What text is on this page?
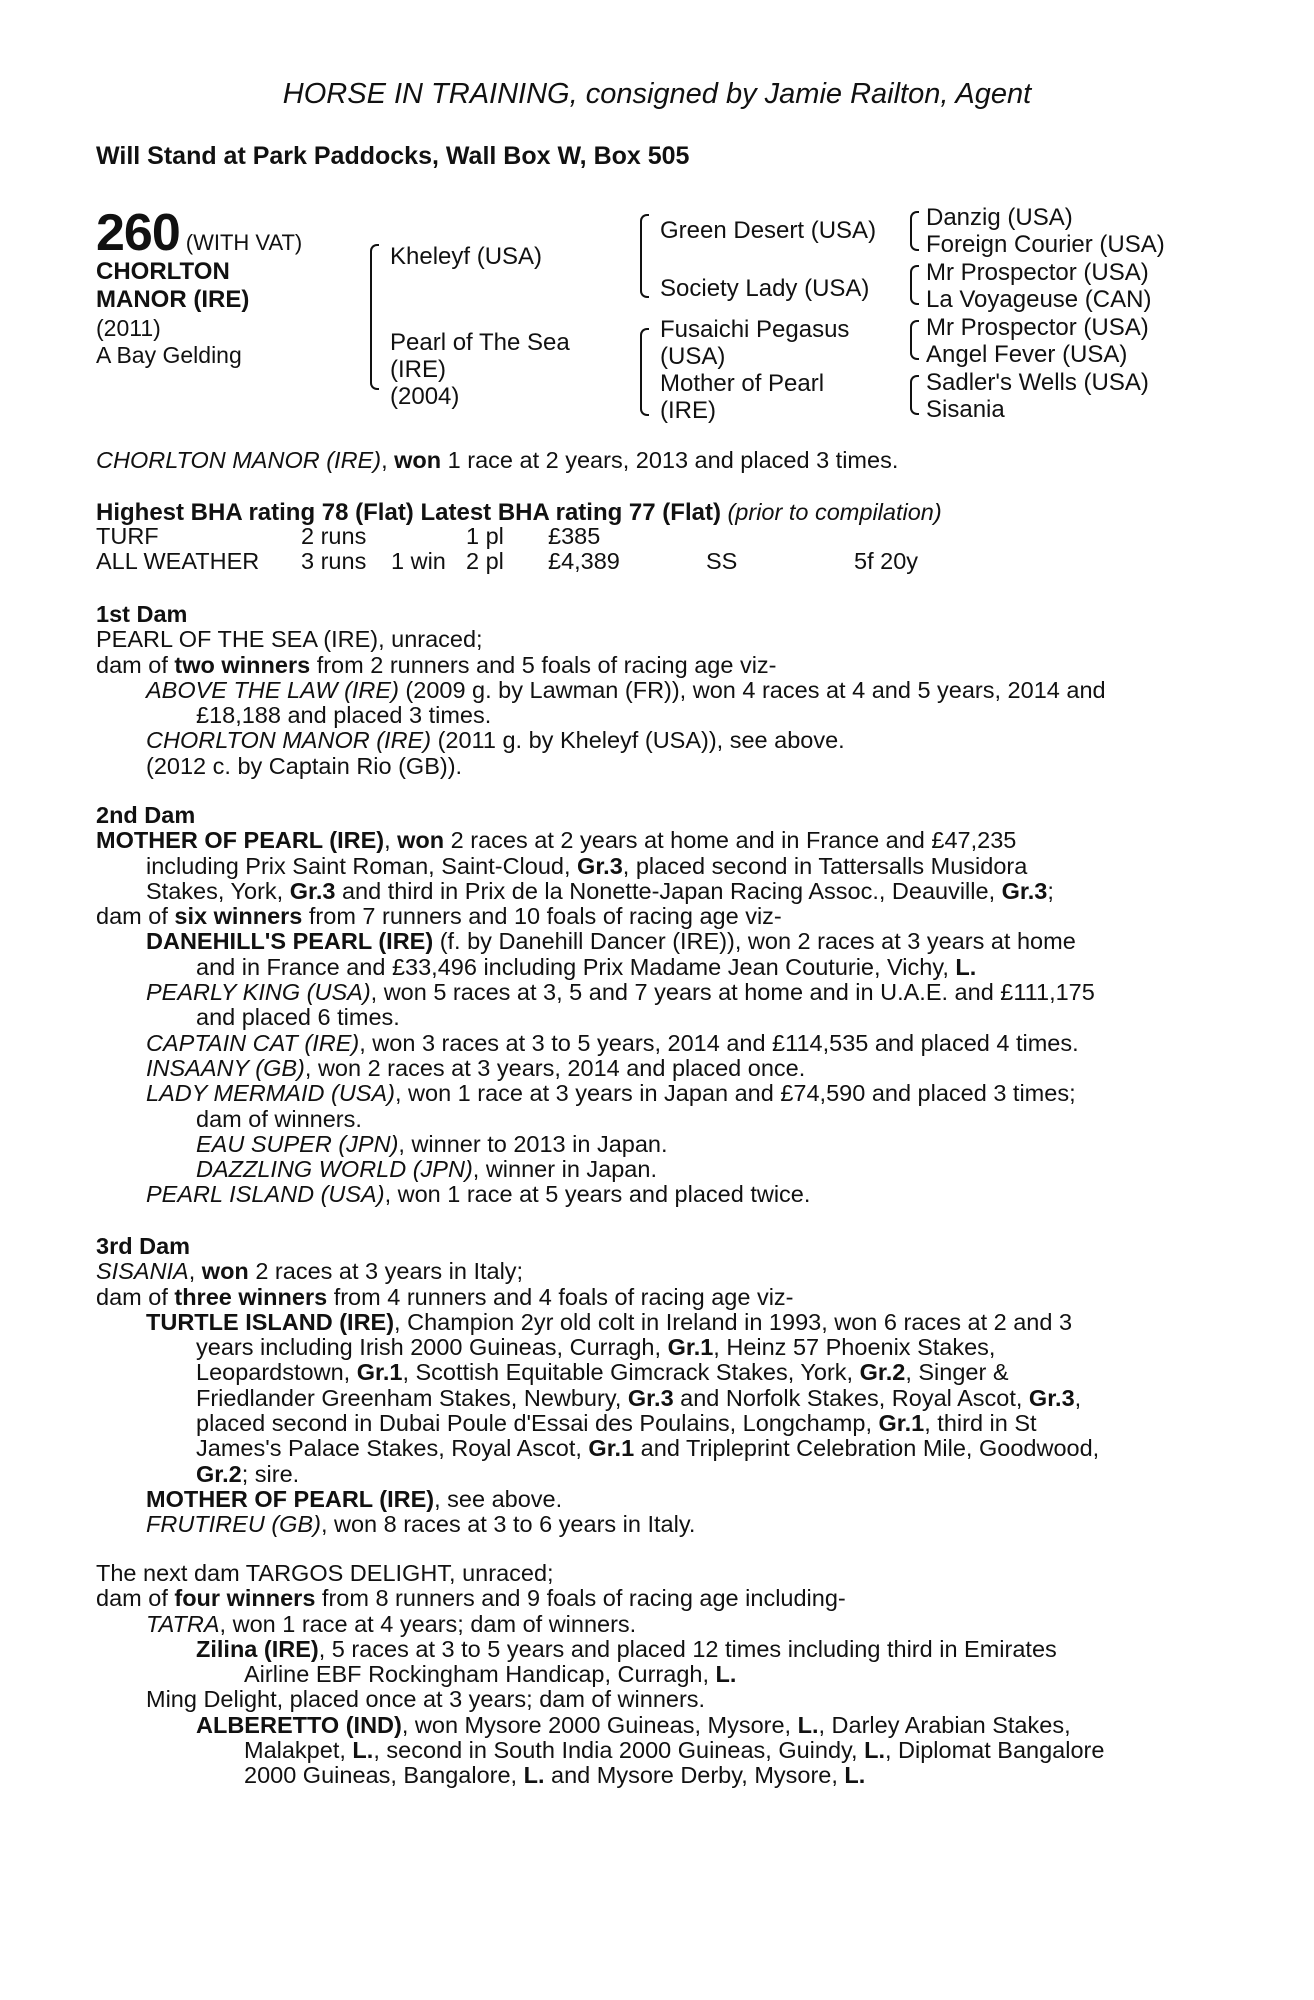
HORSE IN TRAINING, consigned by Jamie Railton, Agent
Will Stand at Park Paddocks, Wall Box W, Box 505
260 (WITH VAT)
CHORLTON
MANOR (IRE)
(2011)
A Bay Gelding
Kheleyf (USA)
Pearl of The Sea
(IRE)
(2004)
Green Desert (USA)
Society Lady (USA)
Fusaichi Pegasus
(USA)
Mother of Pearl
(IRE)
Danzig (USA)
Foreign Courier (USA)
Mr Prospector (USA)
La Voyageuse (CAN)
Mr Prospector (USA)
Angel Fever (USA)
Sadler's Wells (USA)
Sisania
CHORLTON MANOR (IRE), won 1 race at 2 years, 2013 and placed 3 times.
Highest BHA rating 78 (Flat) Latest BHA rating 77 (Flat) (prior to compilation)
TURF	2 runs		1 pl	£385		
ALL WEATHER	3 runs	1 win	2 pl	£4,389	SS	5f 20y
1st Dam
PEARL OF THE SEA (IRE), unraced;
dam of two winners from 2 runners and 5 foals of racing age viz-
ABOVE THE LAW (IRE) (2009 g. by Lawman (FR)), won 4 races at 4 and 5 years, 2014 and
£18,188 and placed 3 times.
CHORLTON MANOR (IRE) (2011 g. by Kheleyf (USA)), see above.
(2012 c. by Captain Rio (GB)).
2nd Dam
MOTHER OF PEARL (IRE), won 2 races at 2 years at home and in France and £47,235
including Prix Saint Roman, Saint-Cloud, Gr.3, placed second in Tattersalls Musidora
Stakes, York, Gr.3 and third in Prix de la Nonette-Japan Racing Assoc., Deauville, Gr.3;
dam of six winners from 7 runners and 10 foals of racing age viz-
DANEHILL'S PEARL (IRE) (f. by Danehill Dancer (IRE)), won 2 races at 3 years at home
and in France and £33,496 including Prix Madame Jean Couturie, Vichy, L.
PEARLY KING (USA), won 5 races at 3, 5 and 7 years at home and in U.A.E. and £111,175
and placed 6 times.
CAPTAIN CAT (IRE), won 3 races at 3 to 5 years, 2014 and £114,535 and placed 4 times.
INSAANY (GB), won 2 races at 3 years, 2014 and placed once.
LADY MERMAID (USA), won 1 race at 3 years in Japan and £74,590 and placed 3 times;
dam of winners.
EAU SUPER (JPN), winner to 2013 in Japan.
DAZZLING WORLD (JPN), winner in Japan.
PEARL ISLAND (USA), won 1 race at 5 years and placed twice.
3rd Dam
SISANIA, won 2 races at 3 years in Italy;
dam of three winners from 4 runners and 4 foals of racing age viz-
TURTLE ISLAND (IRE), Champion 2yr old colt in Ireland in 1993, won 6 races at 2 and 3
years including Irish 2000 Guineas, Curragh, Gr.1, Heinz 57 Phoenix Stakes,
Leopardstown, Gr.1, Scottish Equitable Gimcrack Stakes, York, Gr.2, Singer &
Friedlander Greenham Stakes, Newbury, Gr.3 and Norfolk Stakes, Royal Ascot, Gr.3,
placed second in Dubai Poule d'Essai des Poulains, Longchamp, Gr.1, third in St
James's Palace Stakes, Royal Ascot, Gr.1 and Tripleprint Celebration Mile, Goodwood,
Gr.2; sire.
MOTHER OF PEARL (IRE), see above.
FRUTIREU (GB), won 8 races at 3 to 6 years in Italy.
The next dam TARGOS DELIGHT, unraced;
dam of four winners from 8 runners and 9 foals of racing age including-
TATRA, won 1 race at 4 years; dam of winners.
Zilina (IRE), 5 races at 3 to 5 years and placed 12 times including third in Emirates
Airline EBF Rockingham Handicap, Curragh, L.
Ming Delight, placed once at 3 years; dam of winners.
ALBERETTO (IND), won Mysore 2000 Guineas, Mysore, L., Darley Arabian Stakes,
Malakpet, L., second in South India 2000 Guineas, Guindy, L., Diplomat Bangalore
2000 Guineas, Bangalore, L. and Mysore Derby, Mysore, L.
